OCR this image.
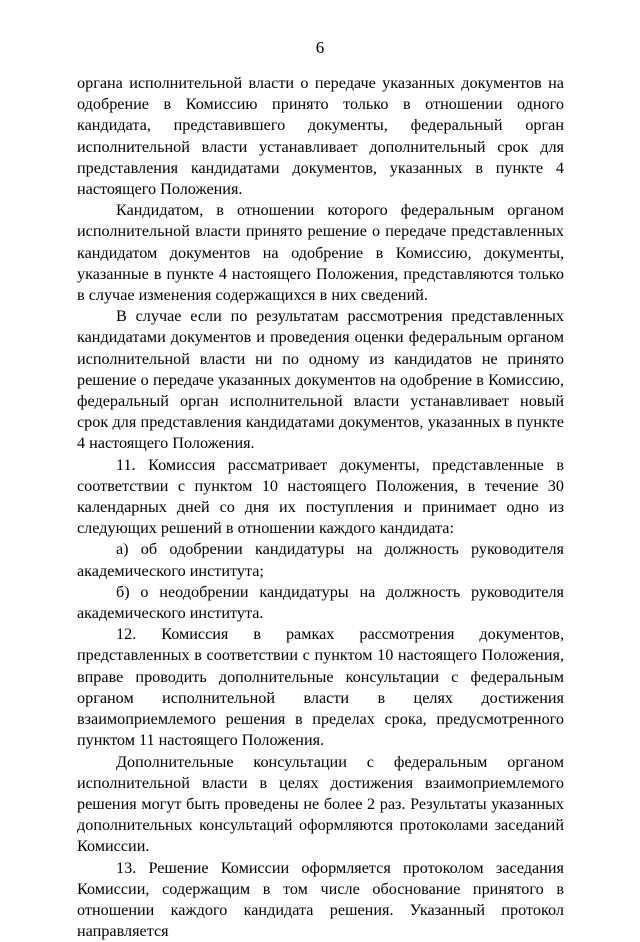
6

органа исполнительной власти о передаче указанных документов на одобрение в Комиссию принято только в отношении одного кандидата, представившего документы, федеральный орган исполнительной власти устанавливает дополнительный срок для представления кандидатами документов, указанных в пункте 4 настоящего Положения.

Кандидатом, в отношении которого федеральным органом исполнительной власти принято решение о передаче представленных кандидатом документов на одобрение в Комиссию, документы, указанные в пункте 4 настоящего Положения, представляются только в случае изменения содержащихся в них сведений.

В случае если по результатам рассмотрения представленных кандидатами документов и проведения оценки федеральным органом исполнительной власти ни по одному из кандидатов не принято решение о передаче указанных документов на одобрение в Комиссию, федеральный орган исполнительной власти устанавливает новый срок для представления кандидатами документов, указанных в пункте 4 настоящего Положения.

11. Комиссия рассматривает документы, представленные в соответствии с пунктом 10 настоящего Положения, в течение 30 календарных дней со дня их поступления и принимает одно из следующих решений в отношении каждого кандидата:

а) об одобрении кандидатуры на должность руководителя академического института;

б) о неодобрении кандидатуры на должность руководителя академического института.

12. Комиссия в рамках рассмотрения документов, представленных в соответствии с пунктом 10 настоящего Положения, вправе проводить дополнительные консультации с федеральным органом исполнительной власти в целях достижения взаимоприемлемого решения в пределах срока, предусмотренного пунктом 11 настоящего Положения.

Дополнительные консультации с федеральным органом исполнительной власти в целях достижения взаимоприемлемого решения могут быть проведены не более 2 раз. Результаты указанных дополнительных консультаций оформляются протоколами заседаний Комиссии.

13. Решение Комиссии оформляется протоколом заседания Комиссии, содержащим в том числе обоснование принятого в отношении каждого кандидата решения. Указанный протокол направляется
